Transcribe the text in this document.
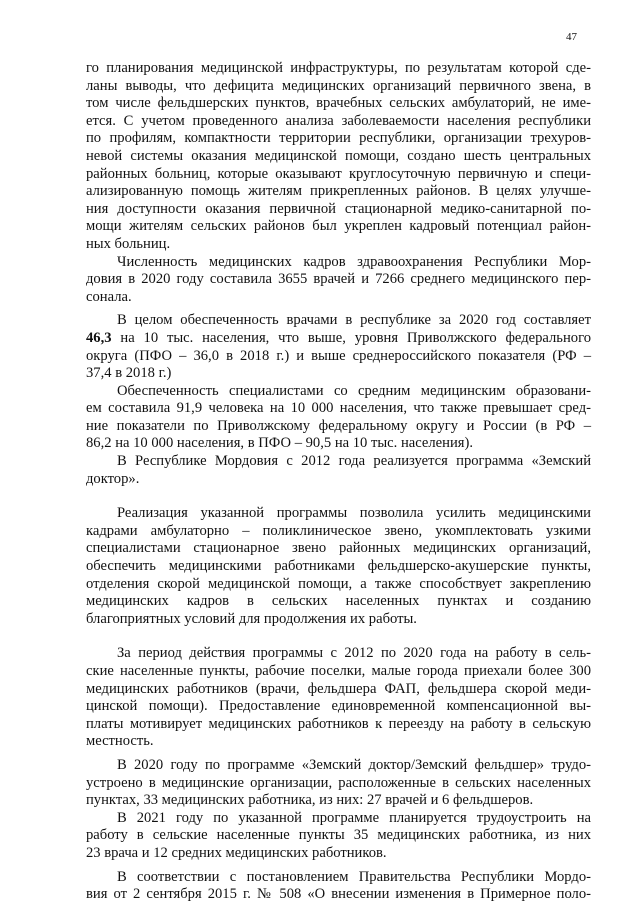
47
го планирования медицинской инфраструктуры, по результатам которой сде-
ланы выводы, что дефицита медицинских организаций первичного звена, в
том числе фельдшерских пунктов, врачебных сельских амбулаторий, не име-
ется. С учетом проведенного анализа заболеваемости населения республики
по профилям, компактности территории республики, организации трехуров-
невой системы оказания медицинской помощи, создано шесть центральных
районных больниц, которые оказывают круглосуточную первичную и специ-
ализированную помощь жителям прикрепленных районов. В целях улучше-
ния доступности оказания первичной стационарной медико-санитарной по-
мощи жителям сельских районов был укреплен кадровый потенциал район-
ных больниц.
Численность медицинских кадров здравоохранения Республики Мор-
довия в 2020 году составила 3655 врачей и 7266 среднего медицинского пер-
сонала.
В целом обеспеченность врачами в республике за 2020 год составляет
46,3 на 10 тыс. населения, что выше, уровня Приволжского федерального
округа (ПФО – 36,0 в 2018 г.) и выше среднероссийского показателя (РФ –
37,4 в 2018 г.)
Обеспеченность специалистами со средним медицинским образовани-
ем составила 91,9 человека на 10 000 населения, что также превышает сред-
ние показатели по Приволжскому федеральному округу и России (в РФ –
86,2 на 10 000 населения, в ПФО – 90,5 на 10 тыс. населения).
В Республике Мордовия с 2012 года реализуется программа «Земский
доктор».
Реализация указанной программы позволила усилить медицинскими
кадрами амбулаторно – поликлиническое звено, укомплектовать узкими
специалистами стационарное звено районных медицинских организаций,
обеспечить медицинскими работниками фельдшерско-акушерские пункты,
отделения скорой медицинской помощи, а также способствует закреплению
медицинских кадров в сельских населенных пунктах и созданию
благоприятных условий для продолжения их работы.
За период действия программы с 2012 по 2020 года на работу в сель-
ские населенные пункты, рабочие поселки, малые города приехали более 300
медицинских работников (врачи, фельдшера ФАП, фельдшера скорой меди-
цинской помощи). Предоставление единовременной компенсационной вы-
платы мотивирует медицинских работников к переезду на работу в сельскую
местность.
В 2020 году по программе «Земский доктор/Земский фельдшер» трудо-
устроено в медицинские организации, расположенные в сельских населенных
пунктах, 33 медицинских работника, из них: 27 врачей и 6 фельдшеров.
В 2021 году по указанной программе планируется трудоустроить на
работу в сельские населенные пункты 35 медицинских работника, из них
23 врача и 12 средних медицинских работников.
В соответствии с постановлением Правительства Республики Мордо-
вия от 2 сентября 2015 г. № 508 «О внесении изменения в Примерное поло-
